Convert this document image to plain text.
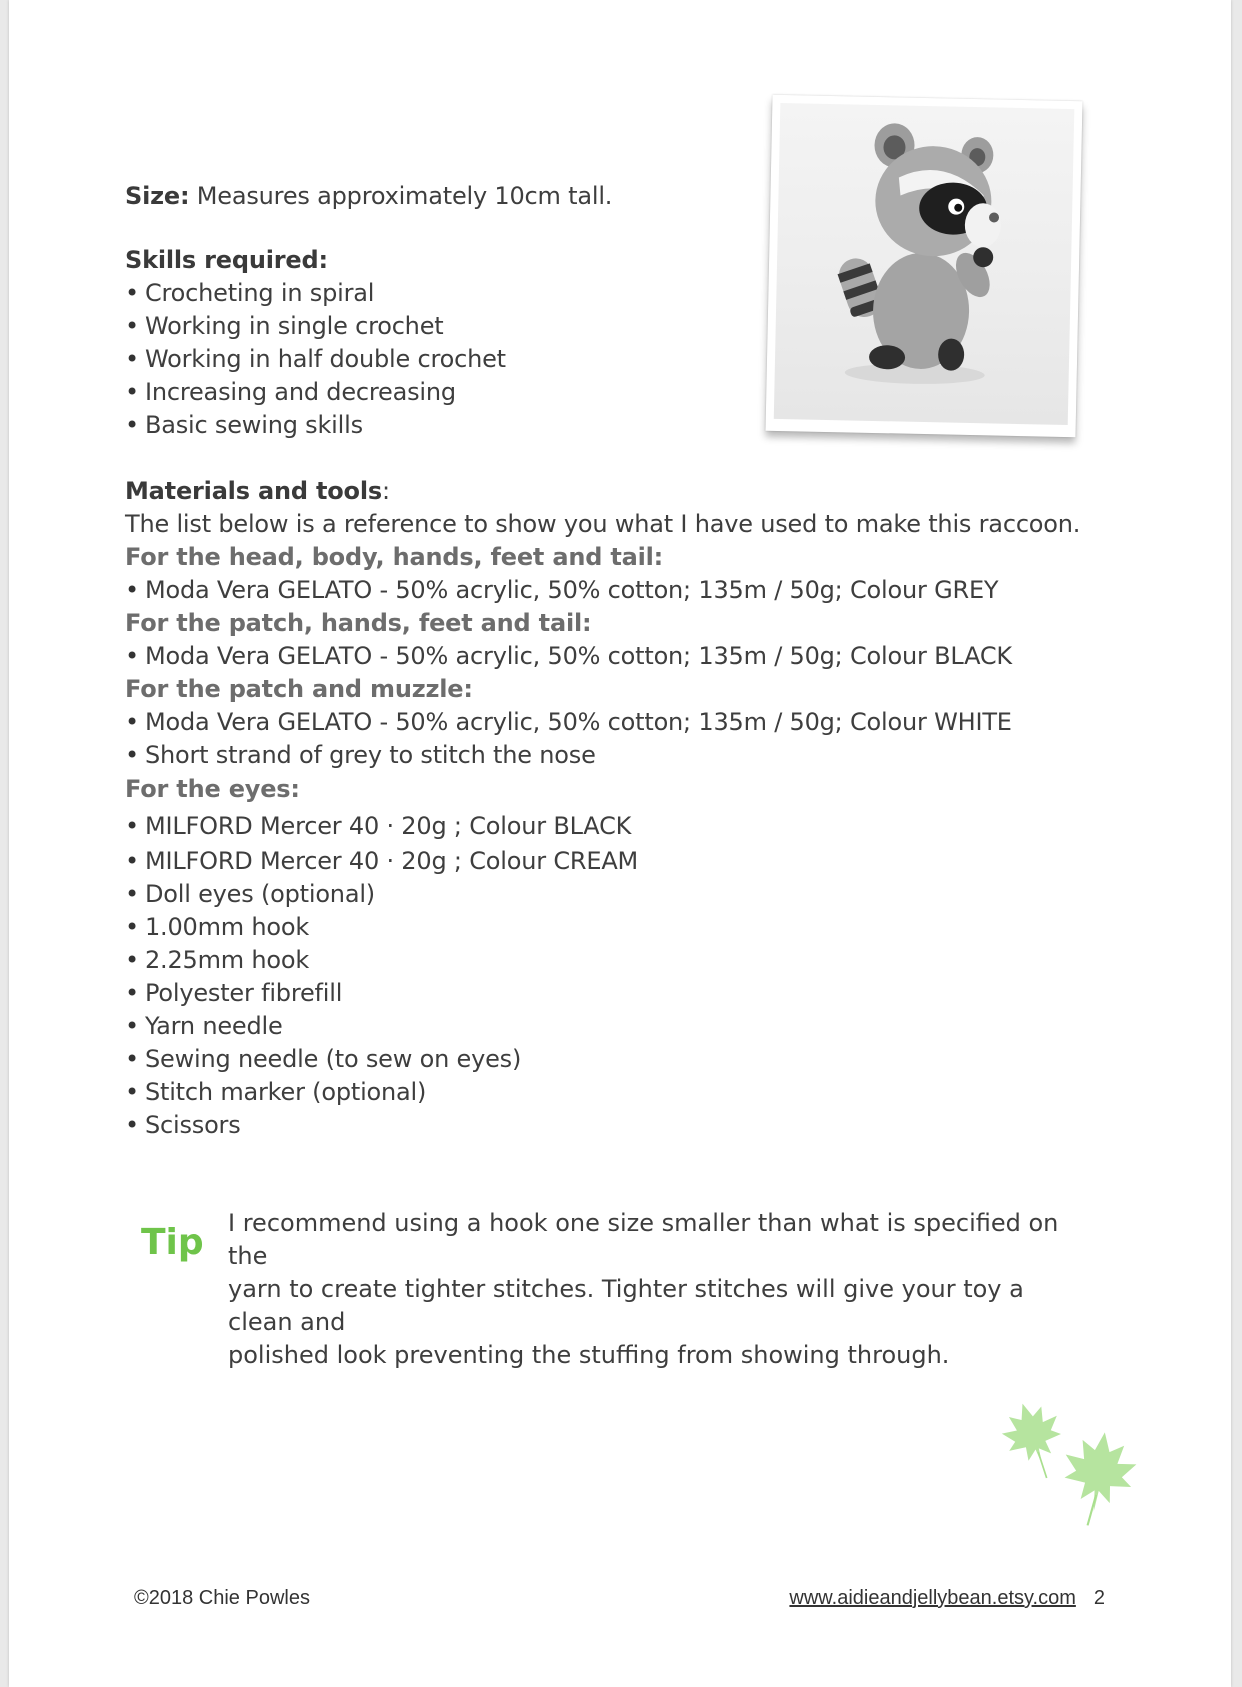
Size: Measures approximately 10cm tall.
Skills required:
• Crocheting in spiral
• Working in single crochet
• Working in half double crochet
• Increasing and decreasing
• Basic sewing skills
Materials and tools:
The list below is a reference to show you what I have used to make this raccoon.
For the head, body, hands, feet and tail:
• Moda Vera GELATO - 50% acrylic, 50% cotton; 135m / 50g; Colour GREY
For the patch, hands, feet and tail:
• Moda Vera GELATO - 50% acrylic, 50% cotton; 135m / 50g; Colour BLACK
For the patch and muzzle:
• Moda Vera GELATO - 50% acrylic, 50% cotton; 135m / 50g; Colour WHITE
• Short strand of grey to stitch the nose
For the eyes:
• MILFORD Mercer 40 · 20g ; Colour BLACK
• MILFORD Mercer 40 · 20g ; Colour CREAM
• Doll eyes (optional)
• 1.00mm hook
• 2.25mm hook
• Polyester fibrefill
• Yarn needle
• Sewing needle (to sew on eyes)
• Stitch marker (optional)
• Scissors
Tip I recommend using a hook one size smaller than what is specified on the
yarn to create tighter stitches. Tighter stitches will give your toy a clean and
polished look preventing the stuffing from showing through.
©2018 Chie Powles	www.aidieandjellybean.etsy.com 2
